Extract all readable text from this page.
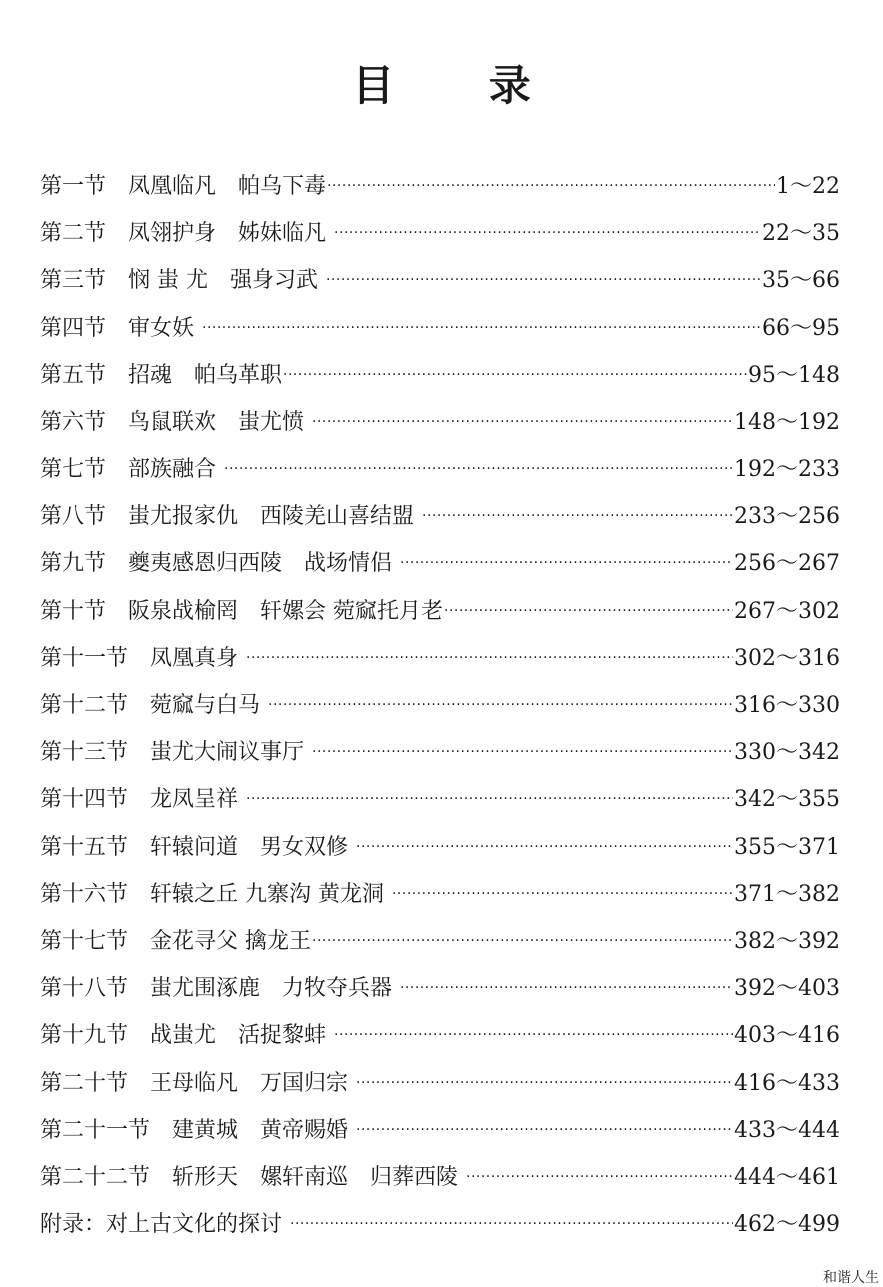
目 录
第一节　凤凰临凡　帕乌下毒 ·····	1～22
第二节　凤翎护身　姊妹临凡 ·····	22～35
第三节　悯 蚩 尤　强身习武 ·····	35～66
第四节　审女妖 ·····	66～95
第五节　招魂　帕乌革职 ·····	95～148
第六节　鸟鼠联欢　蚩尤愤 ·····	148～192
第七节　部族融合 ·····	192～233
第八节　蚩尤报家仇　西陵羌山喜结盟 ·····	233～256
第九节　夔夷感恩归西陵　战场情侣 ·····	256～267
第十节　阪泉战榆罔　轩嫘会 菀窳托月老 ·····	267～302
第十一节　凤凰真身 ·····	302～316
第十二节　菀窳与白马 ·····	316～330
第十三节　蚩尤大闹议事厅 ·····	330～342
第十四节　龙凤呈祥 ·····	342～355
第十五节　轩辕问道　男女双修 ·····	355～371
第十六节　轩辕之丘 九寨沟 黄龙洞 ·····	371～382
第十七节　金花寻父 擒龙王 ·····	382～392
第十八节　蚩尤围涿鹿　力牧夺兵器 ·····	392～403
第十九节　战蚩尤　活捉黎蚌 ·····	403～416
第二十节　王母临凡　万国归宗 ·····	416～433
第二十一节　建黄城　黄帝赐婚 ·····	433～444
第二十二节　斩形天　嫘轩南巡　归葬西陵 ·····	444～461
附录：对上古文化的探讨 ·····	462～499
和谐人生
